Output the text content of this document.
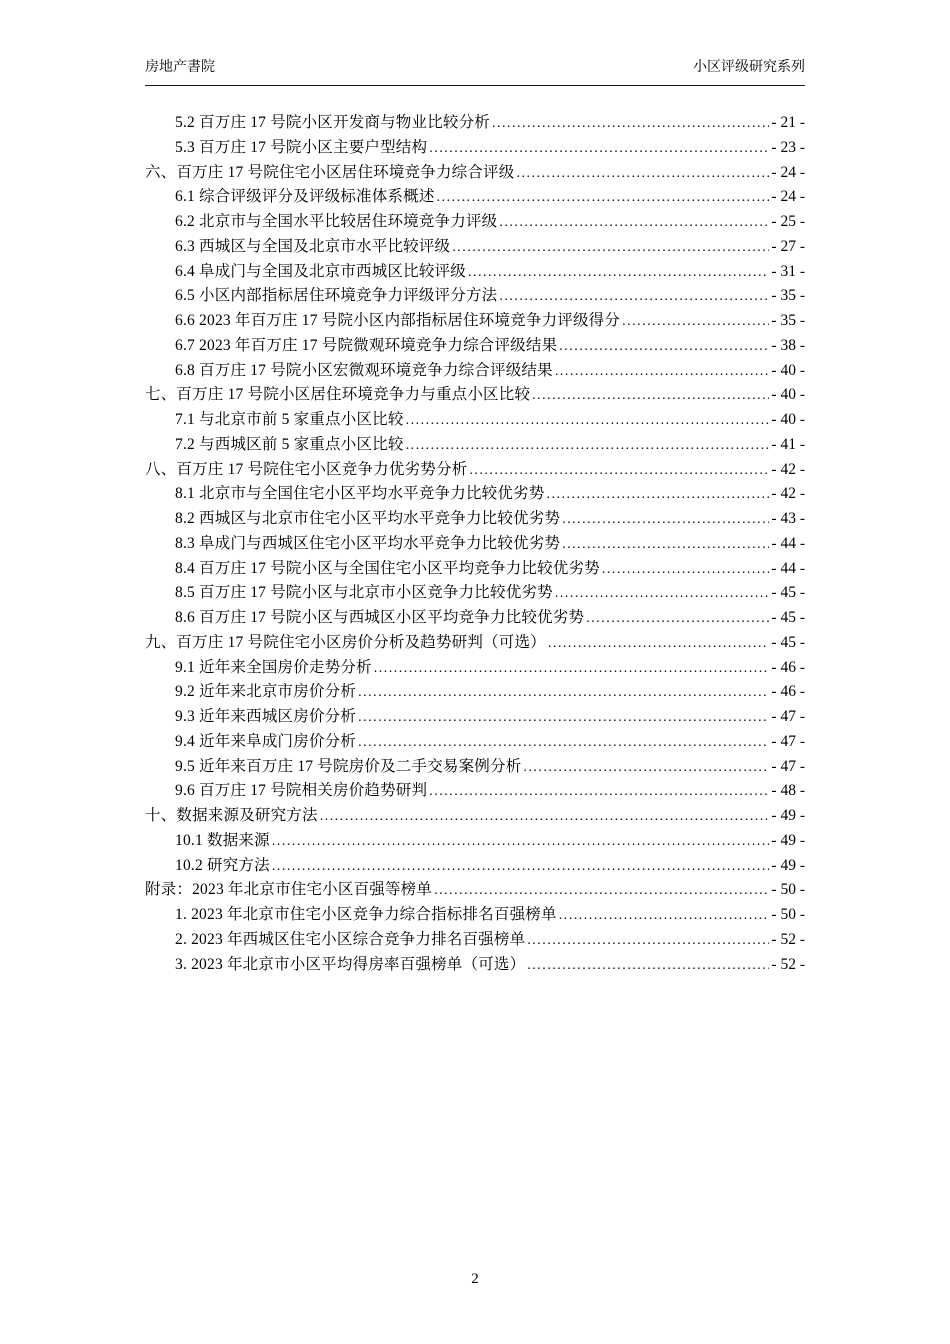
房地产書院	小区评级研究系列
5.2 百万庄 17 号院小区开发商与物业比较分析 .....	- 21 -
5.3 百万庄 17 号院小区主要户型结构 .....	- 23 -
六、百万庄 17 号院住宅小区居住环境竞争力综合评级 .....	- 24 -
6.1 综合评级评分及评级标准体系概述 .....	- 24 -
6.2 北京市与全国水平比较居住环境竞争力评级 .....	- 25 -
6.3 西城区与全国及北京市水平比较评级 .....	- 27 -
6.4 阜成门与全国及北京市西城区比较评级 .....	- 31 -
6.5 小区内部指标居住环境竞争力评级评分方法 .....	- 35 -
6.6 2023 年百万庄 17 号院小区内部指标居住环境竞争力评级得分 .....	- 35 -
6.7 2023 年百万庄 17 号院微观环境竞争力综合评级结果 .....	- 38 -
6.8 百万庄 17 号院小区宏微观环境竞争力综合评级结果 .....	- 40 -
七、百万庄 17 号院小区居住环境竞争力与重点小区比较 .....	- 40 -
7.1 与北京市前 5 家重点小区比较 .....	- 40 -
7.2 与西城区前 5 家重点小区比较 .....	- 41 -
八、百万庄 17 号院住宅小区竞争力优劣势分析 .....	- 42 -
8.1 北京市与全国住宅小区平均水平竞争力比较优劣势 .....	- 42 -
8.2 西城区与北京市住宅小区平均水平竞争力比较优劣势 .....	- 43 -
8.3 阜成门与西城区住宅小区平均水平竞争力比较优劣势 .....	- 44 -
8.4 百万庄 17 号院小区与全国住宅小区平均竞争力比较优劣势 .....	- 44 -
8.5 百万庄 17 号院小区与北京市小区竞争力比较优劣势 .....	- 45 -
8.6 百万庄 17 号院小区与西城区小区平均竞争力比较优劣势 .....	- 45 -
九、百万庄 17 号院住宅小区房价分析及趋势研判（可选） .....	- 45 -
9.1 近年来全国房价走势分析 .....	- 46 -
9.2 近年来北京市房价分析 .....	- 46 -
9.3 近年来西城区房价分析 .....	- 47 -
9.4 近年来阜成门房价分析 .....	- 47 -
9.5 近年来百万庄 17 号院房价及二手交易案例分析 .....	- 47 -
9.6 百万庄 17 号院相关房价趋势研判 .....	- 48 -
十、数据来源及研究方法 .....	- 49 -
10.1 数据来源 .....	- 49 -
10.2 研究方法 .....	- 49 -
附录：2023 年北京市住宅小区百强等榜单 .....	- 50 -
1. 2023 年北京市住宅小区竞争力综合指标排名百强榜单 .....	- 50 -
2. 2023 年西城区住宅小区综合竞争力排名百强榜单 .....	- 52 -
3. 2023 年北京市小区平均得房率百强榜单（可选） .....	- 52 -
2
